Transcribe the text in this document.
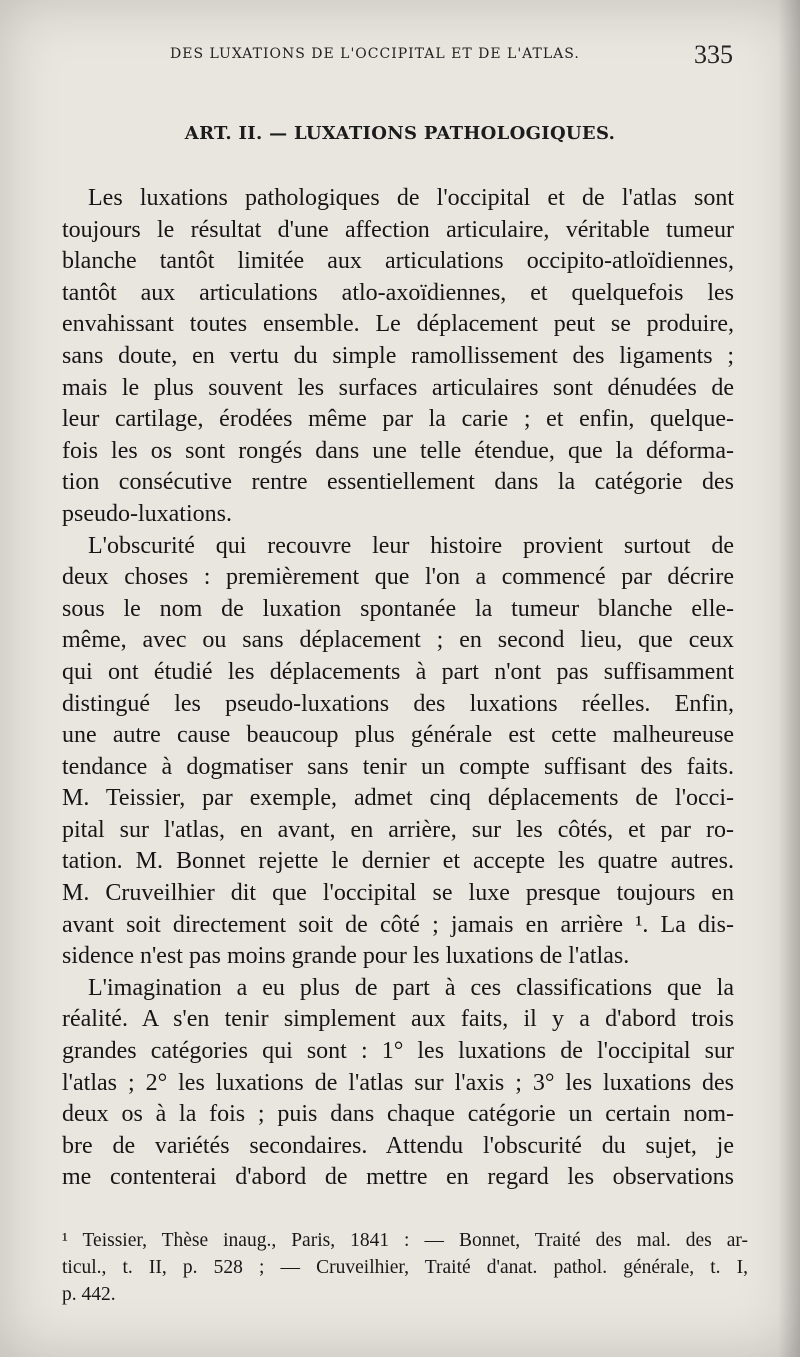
DES LUXATIONS DE L'OCCIPITAL ET DE L'ATLAS.	335
ART. II. — LUXATIONS PATHOLOGIQUES.

Les luxations pathologiques de l'occipital et de l'atlas sont
toujours le résultat d'une affection articulaire, véritable tumeur
blanche tantôt limitée aux articulations occipito-atloïdiennes,
tantôt aux articulations atlo-axoïdiennes, et quelquefois les
envahissant toutes ensemble. Le déplacement peut se produire,
sans doute, en vertu du simple ramollissement des ligaments ;
mais le plus souvent les surfaces articulaires sont dénudées de
leur cartilage, érodées même par la carie ; et enfin, quelque-
fois les os sont rongés dans une telle étendue, que la déforma-
tion consécutive rentre essentiellement dans la catégorie des
pseudo-luxations.

L'obscurité qui recouvre leur histoire provient surtout de
deux choses : premièrement que l'on a commencé par décrire
sous le nom de luxation spontanée la tumeur blanche elle-
même, avec ou sans déplacement ; en second lieu, que ceux
qui ont étudié les déplacements à part n'ont pas suffisamment
distingué les pseudo-luxations des luxations réelles. Enfin,
une autre cause beaucoup plus générale est cette malheureuse
tendance à dogmatiser sans tenir un compte suffisant des faits.
M. Teissier, par exemple, admet cinq déplacements de l'occi-
pital sur l'atlas, en avant, en arrière, sur les côtés, et par ro-
tation. M. Bonnet rejette le dernier et accepte les quatre autres.
M. Cruveilhier dit que l'occipital se luxe presque toujours en
avant soit directement soit de côté ; jamais en arrière ¹. La dis-
sidence n'est pas moins grande pour les luxations de l'atlas.

L'imagination a eu plus de part à ces classifications que la
réalité. A s'en tenir simplement aux faits, il y a d'abord trois
grandes catégories qui sont : 1° les luxations de l'occipital sur
l'atlas ; 2° les luxations de l'atlas sur l'axis ; 3° les luxations des
deux os à la fois ; puis dans chaque catégorie un certain nom-
bre de variétés secondaires. Attendu l'obscurité du sujet, je
me contenterai d'abord de mettre en regard les observations

¹ Teissier, Thèse inaug., Paris, 1841 : — Bonnet, Traité des mal. des ar-
ticul., t. II, p. 528 ; — Cruveilhier, Traité d'anat. pathol. générale, t. I,
p. 442.
